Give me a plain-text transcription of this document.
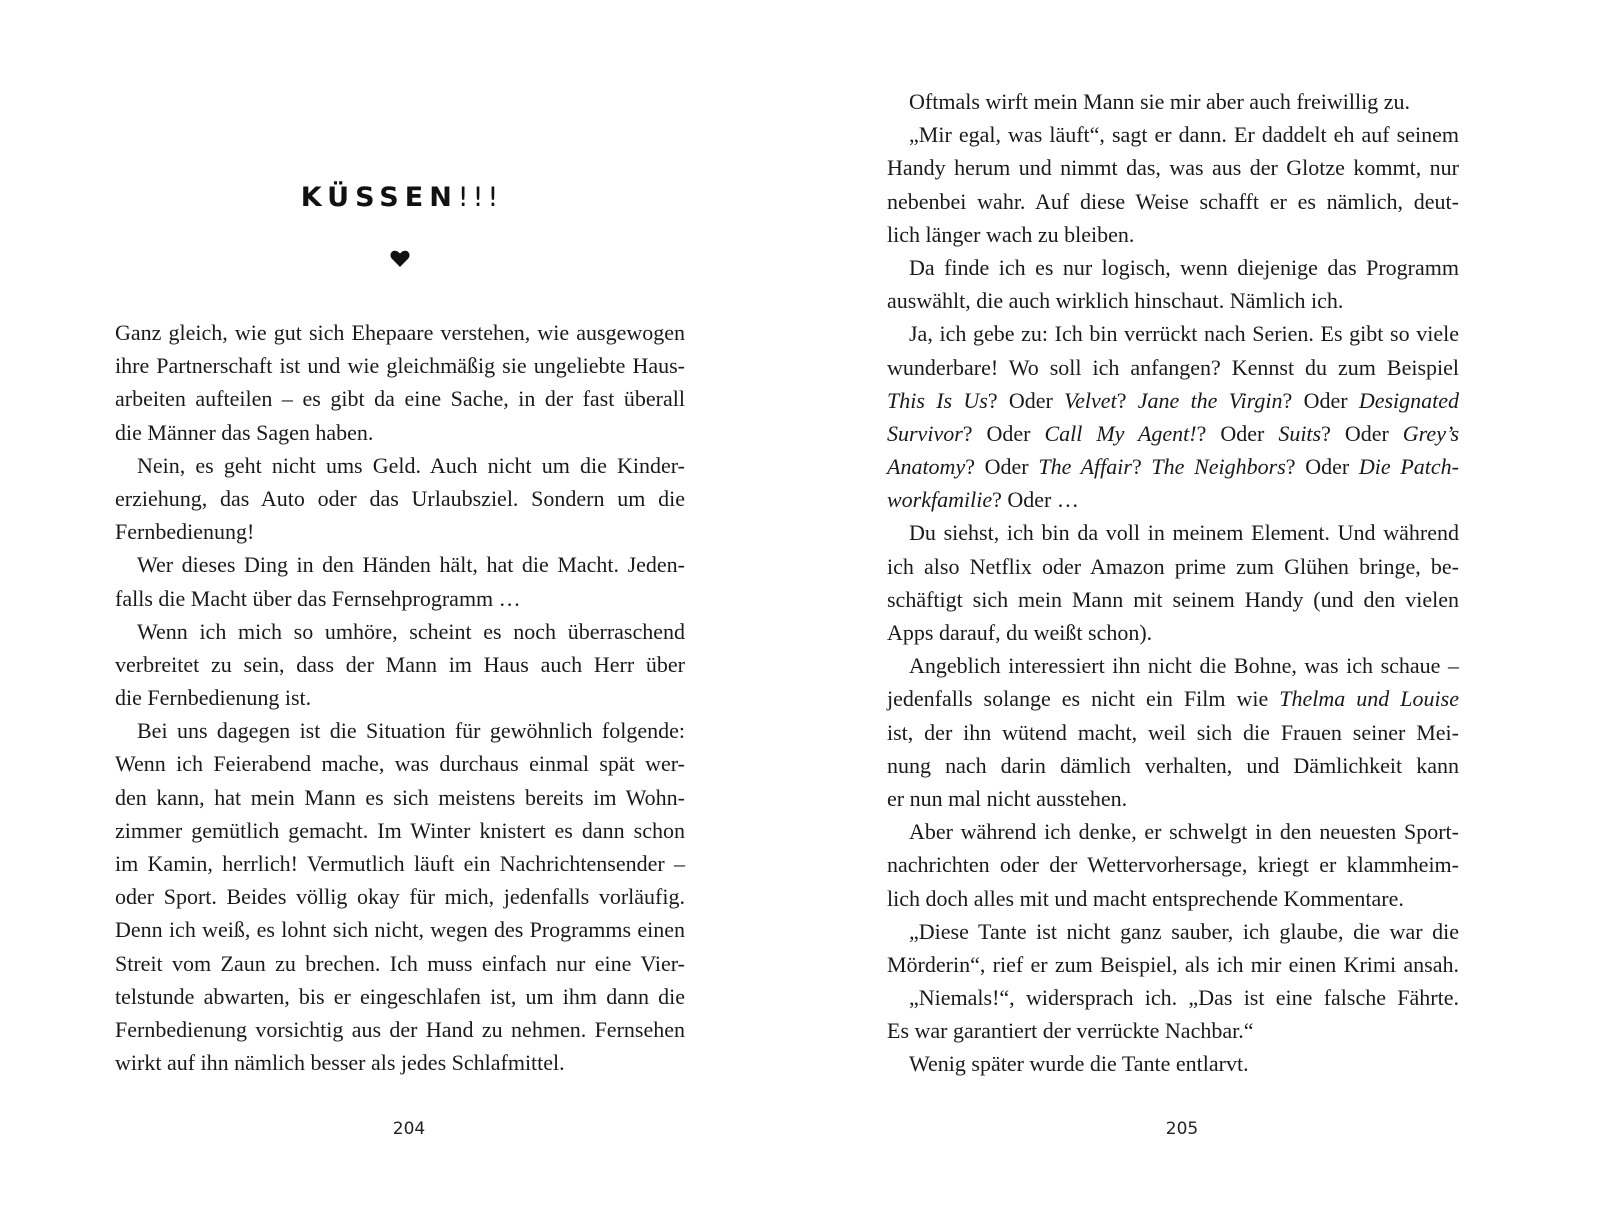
KÜSSEN!!!
Ganz gleich, wie gut sich Ehepaare verstehen, wie ausgewogen
ihre Partnerschaft ist und wie gleichmäßig sie ungeliebte Haus-
arbeiten aufteilen – es gibt da eine Sache, in der fast überall
die Männer das Sagen haben.
Nein, es geht nicht ums Geld. Auch nicht um die Kinder-
erziehung, das Auto oder das Urlaubsziel. Sondern um die
Fernbedienung!
Wer dieses Ding in den Händen hält, hat die Macht. Jeden-
falls die Macht über das Fernsehprogramm …
Wenn ich mich so umhöre, scheint es noch überraschend
verbreitet zu sein, dass der Mann im Haus auch Herr über
die Fernbedienung ist.
Bei uns dagegen ist die Situation für gewöhnlich folgende:
Wenn ich Feierabend mache, was durchaus einmal spät wer-
den kann, hat mein Mann es sich meistens bereits im Wohn-
zimmer gemütlich gemacht. Im Winter knistert es dann schon
im Kamin, herrlich! Vermutlich läuft ein Nachrichtensender –
oder Sport. Beides völlig okay für mich, jedenfalls vorläufig.
Denn ich weiß, es lohnt sich nicht, wegen des Programms einen
Streit vom Zaun zu brechen. Ich muss einfach nur eine Vier-
telstunde abwarten, bis er eingeschlafen ist, um ihm dann die
Fernbedienung vorsichtig aus der Hand zu nehmen. Fernsehen
wirkt auf ihn nämlich besser als jedes Schlafmittel.
204
Oftmals wirft mein Mann sie mir aber auch freiwillig zu.
„Mir egal, was läuft“, sagt er dann. Er daddelt eh auf seinem
Handy herum und nimmt das, was aus der Glotze kommt, nur
nebenbei wahr. Auf diese Weise schafft er es nämlich, deut-
lich länger wach zu bleiben.
Da finde ich es nur logisch, wenn diejenige das Programm
auswählt, die auch wirklich hinschaut. Nämlich ich.
Ja, ich gebe zu: Ich bin verrückt nach Serien. Es gibt so viele
wunderbare! Wo soll ich anfangen? Kennst du zum Beispiel
This Is Us? Oder Velvet? Jane the Virgin? Oder Designated
Survivor? Oder Call My Agent!? Oder Suits? Oder Grey’s
Anatomy? Oder The Affair? The Neighbors? Oder Die Patch-
workfamilie? Oder …
Du siehst, ich bin da voll in meinem Element. Und während
ich also Netflix oder Amazon prime zum Glühen bringe, be-
schäftigt sich mein Mann mit seinem Handy (und den vielen
Apps darauf, du weißt schon).
Angeblich interessiert ihn nicht die Bohne, was ich schaue –
jedenfalls solange es nicht ein Film wie Thelma und Louise
ist, der ihn wütend macht, weil sich die Frauen seiner Mei-
nung nach darin dämlich verhalten, und Dämlichkeit kann
er nun mal nicht ausstehen.
Aber während ich denke, er schwelgt in den neuesten Sport-
nachrichten oder der Wettervorhersage, kriegt er klammheim-
lich doch alles mit und macht entsprechende Kommentare.
„Diese Tante ist nicht ganz sauber, ich glaube, die war die
Mörderin“, rief er zum Beispiel, als ich mir einen Krimi ansah.
„Niemals!“, widersprach ich. „Das ist eine falsche Fährte.
Es war garantiert der verrückte Nachbar.“
Wenig später wurde die Tante entlarvt.
205
